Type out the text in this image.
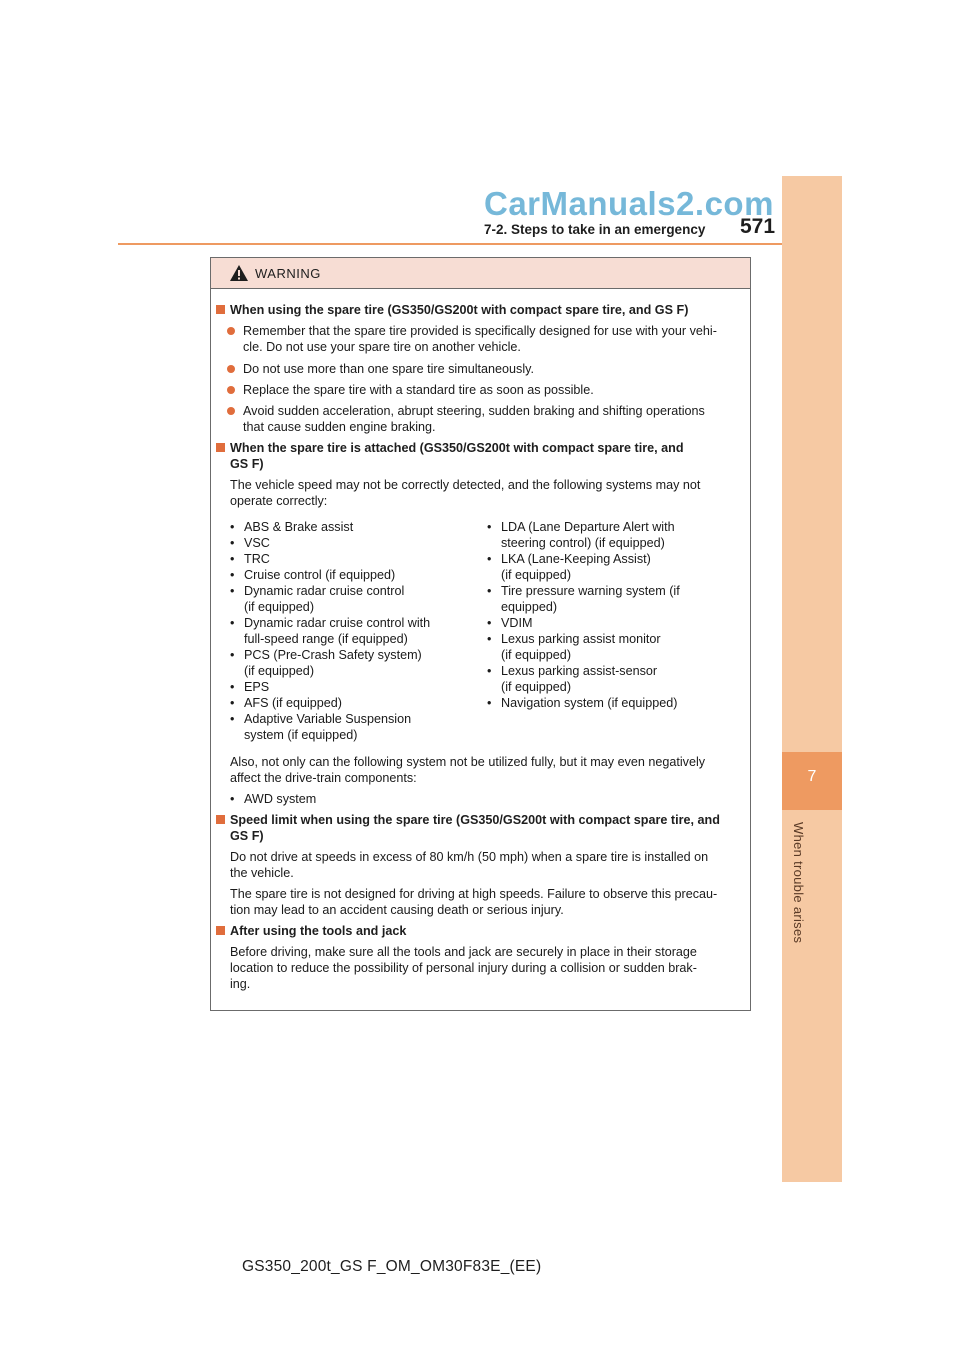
7
When trouble arises
CarManuals2.com
7-2. Steps to take in an emergency 571
WARNING
When using the spare tire (GS350/GS200t with compact spare tire, and GS F)
Remember that the spare tire provided is specifically designed for use with your vehi-
cle. Do not use your spare tire on another vehicle.
Do not use more than one spare tire simultaneously.
Replace the spare tire with a standard tire as soon as possible.
Avoid sudden acceleration, abrupt steering, sudden braking and shifting operations
that cause sudden engine braking.
When the spare tire is attached (GS350/GS200t with compact spare tire, and
GS F)
The vehicle speed may not be correctly detected, and the following systems may not
operate correctly:
• ABS & Brake assist
• VSC
• TRC
• Cruise control (if equipped)
• Dynamic radar cruise control
(if equipped)
• Dynamic radar cruise control with
full-speed range (if equipped)
• PCS (Pre-Crash Safety system)
(if equipped)
• EPS
• AFS (if equipped)
• Adaptive Variable Suspension
system (if equipped)
• LDA (Lane Departure Alert with
steering control) (if equipped)
• LKA (Lane-Keeping Assist)
(if equipped)
• Tire pressure warning system (if
equipped)
• VDIM
• Lexus parking assist monitor
(if equipped)
• Lexus parking assist-sensor
(if equipped)
• Navigation system (if equipped)
Also, not only can the following system not be utilized fully, but it may even negatively
affect the drive-train components:
• AWD system
Speed limit when using the spare tire (GS350/GS200t with compact spare tire, and
GS F)
Do not drive at speeds in excess of 80 km/h (50 mph) when a spare tire is installed on
the vehicle.
The spare tire is not designed for driving at high speeds. Failure to observe this precau-
tion may lead to an accident causing death or serious injury.
After using the tools and jack
Before driving, make sure all the tools and jack are securely in place in their storage
location to reduce the possibility of personal injury during a collision or sudden brak-
ing.
GS350_200t_GS F_OM_OM30F83E_(EE)
